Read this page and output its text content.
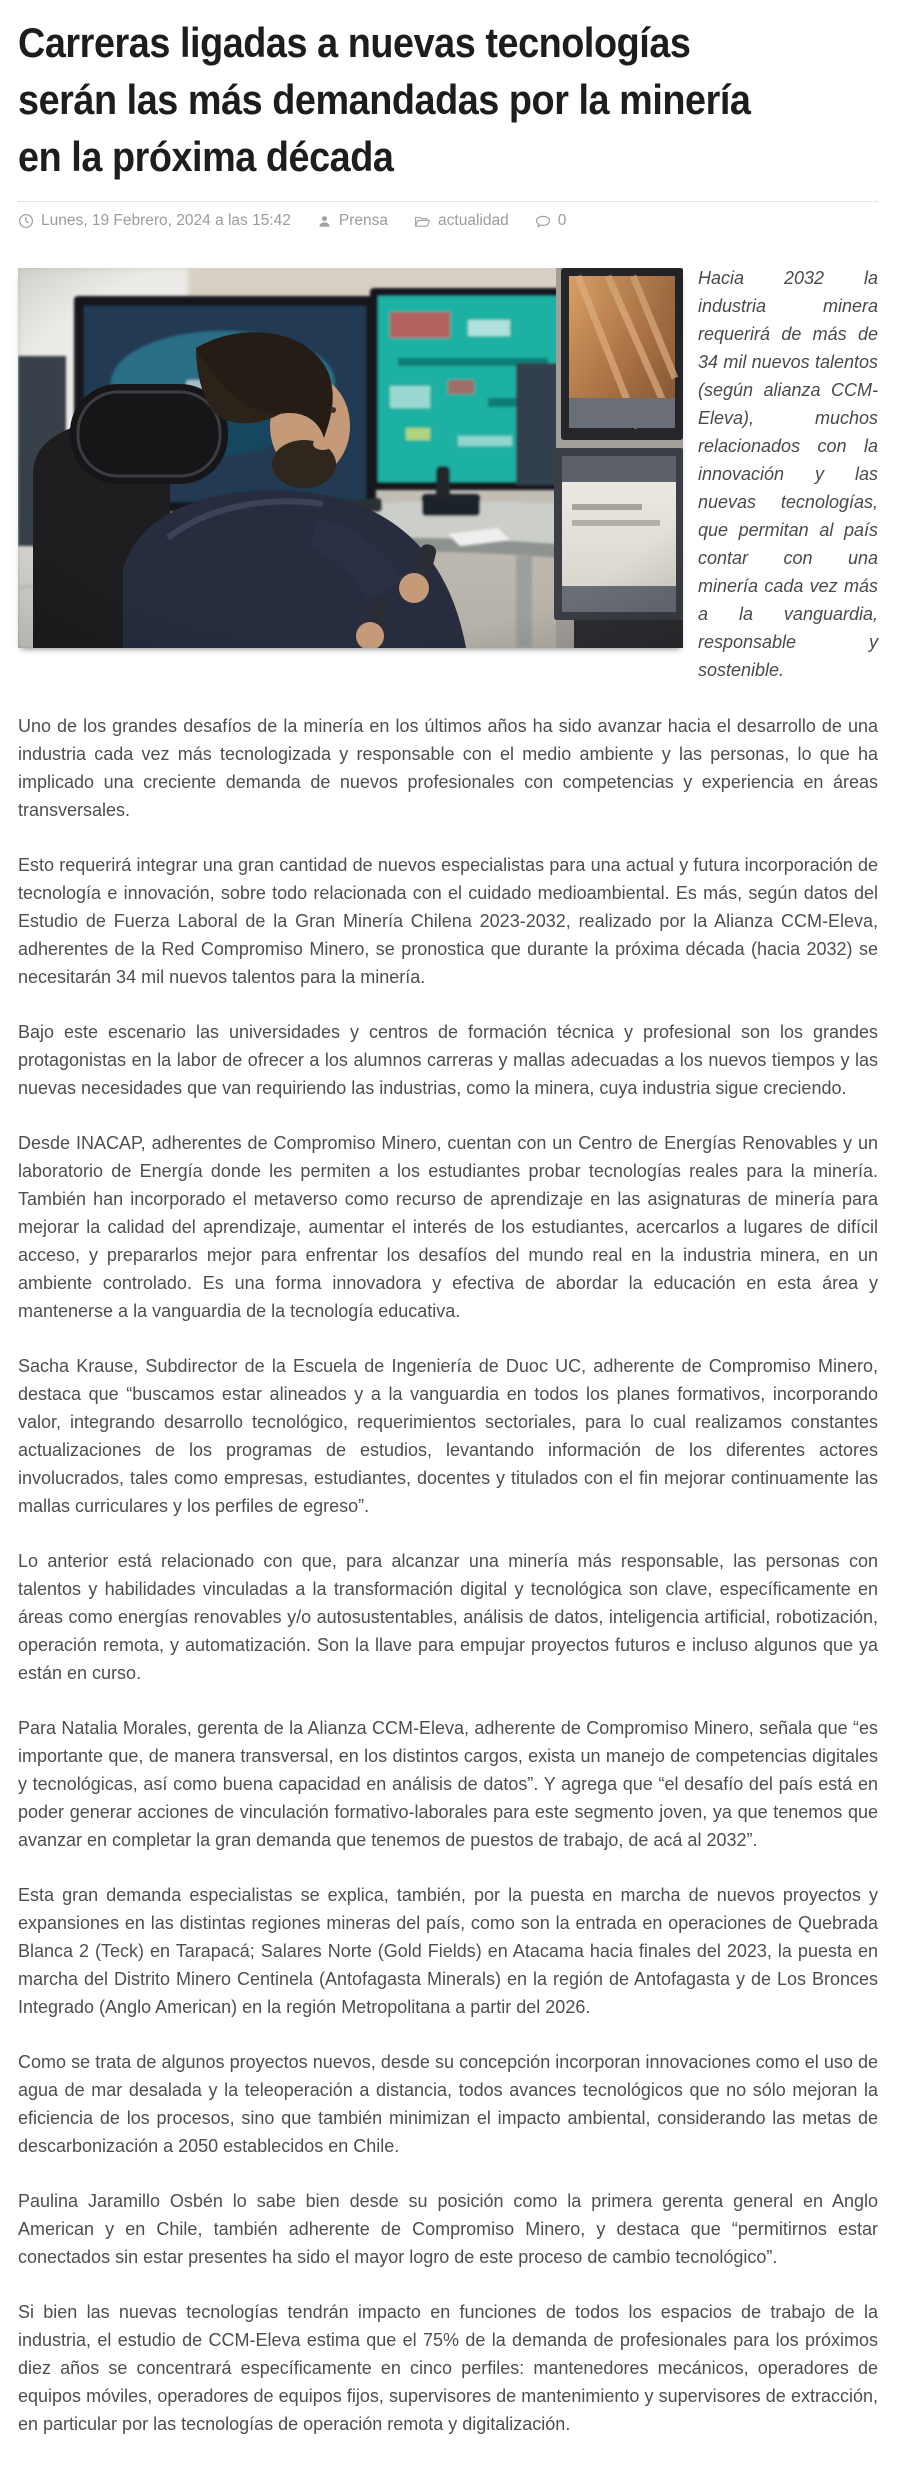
Carreras ligadas a nuevas tecnologías
serán las más demandadas por la minería
en la próxima década
Lunes, 19 Febrero, 2024 a las 15:42	Prensa	actualidad	0

Hacia 2032 la industria minera requerirá de más de 34 mil nuevos talentos (según alianza CCM-Eleva), muchos relacionados con la innovación y las nuevas tecnologías, que permitan al país contar con una minería cada vez más a la vanguardia, responsable y sostenible.

Uno de los grandes desafíos de la minería en los últimos años ha sido avanzar hacia el desarrollo de una industria cada vez más tecnologizada y responsable con el medio ambiente y las personas, lo que ha implicado una creciente demanda de nuevos profesionales con competencias y experiencia en áreas transversales.

Esto requerirá integrar una gran cantidad de nuevos especialistas para una actual y futura incorporación de tecnología e innovación, sobre todo relacionada con el cuidado medioambiental. Es más, según datos del Estudio de Fuerza Laboral de la Gran Minería Chilena 2023-2032, realizado por la Alianza CCM-Eleva, adherentes de la Red Compromiso Minero, se pronostica que durante la próxima década (hacia 2032) se necesitarán 34 mil nuevos talentos para la minería.

Bajo este escenario las universidades y centros de formación técnica y profesional son los grandes protagonistas en la labor de ofrecer a los alumnos carreras y mallas adecuadas a los nuevos tiempos y las nuevas necesidades que van requiriendo las industrias, como la minera, cuya industria sigue creciendo.

Desde INACAP, adherentes de Compromiso Minero, cuentan con un Centro de Energías Renovables y un laboratorio de Energía donde les permiten a los estudiantes probar tecnologías reales para la minería. También han incorporado el metaverso como recurso de aprendizaje en las asignaturas de minería para mejorar la calidad del aprendizaje, aumentar el interés de los estudiantes, acercarlos a lugares de difícil acceso, y prepararlos mejor para enfrentar los desafíos del mundo real en la industria minera, en un ambiente controlado. Es una forma innovadora y efectiva de abordar la educación en esta área y mantenerse a la vanguardia de la tecnología educativa.

Sacha Krause, Subdirector de la Escuela de Ingeniería de Duoc UC, adherente de Compromiso Minero, destaca que “buscamos estar alineados y a la vanguardia en todos los planes formativos, incorporando valor, integrando desarrollo tecnológico, requerimientos sectoriales, para lo cual realizamos constantes actualizaciones de los programas de estudios, levantando información de los diferentes actores involucrados, tales como empresas, estudiantes, docentes y titulados con el fin mejorar continuamente las mallas curriculares y los perfiles de egreso”.

Lo anterior está relacionado con que, para alcanzar una minería más responsable, las personas con talentos y habilidades vinculadas a la transformación digital y tecnológica son clave, específicamente en áreas como energías renovables y/o autosustentables, análisis de datos, inteligencia artificial, robotización, operación remota, y automatización. Son la llave para empujar proyectos futuros e incluso algunos que ya están en curso.

Para Natalia Morales, gerenta de la Alianza CCM-Eleva, adherente de Compromiso Minero, señala que “es importante que, de manera transversal, en los distintos cargos, exista un manejo de competencias digitales y tecnológicas, así como buena capacidad en análisis de datos”. Y agrega que “el desafío del país está en poder generar acciones de vinculación formativo-laborales para este segmento joven, ya que tenemos que avanzar en completar la gran demanda que tenemos de puestos de trabajo, de acá al 2032”.

Esta gran demanda especialistas se explica, también, por la puesta en marcha de nuevos proyectos y expansiones en las distintas regiones mineras del país, como son la entrada en operaciones de Quebrada Blanca 2 (Teck) en Tarapacá; Salares Norte (Gold Fields) en Atacama hacia finales del 2023, la puesta en marcha del Distrito Minero Centinela (Antofagasta Minerals) en la región de Antofagasta y de Los Bronces Integrado (Anglo American) en la región Metropolitana a partir del 2026.

Como se trata de algunos proyectos nuevos, desde su concepción incorporan innovaciones como el uso de agua de mar desalada y la teleoperación a distancia, todos avances tecnológicos que no sólo mejoran la eficiencia de los procesos, sino que también minimizan el impacto ambiental, considerando las metas de descarbonización a 2050 establecidos en Chile.

Paulina Jaramillo Osbén lo sabe bien desde su posición como la primera gerenta general en Anglo American y en Chile, también adherente de Compromiso Minero, y destaca que “permitirnos estar conectados sin estar presentes ha sido el mayor logro de este proceso de cambio tecnológico”.

Si bien las nuevas tecnologías tendrán impacto en funciones de todos los espacios de trabajo de la industria, el estudio de CCM-Eleva estima que el 75% de la demanda de profesionales para los próximos diez años se concentrará específicamente en cinco perfiles: mantenedores mecánicos, operadores de equipos móviles, operadores de equipos fijos, supervisores de mantenimiento y supervisores de extracción, en particular por las tecnologías de operación remota y digitalización.
